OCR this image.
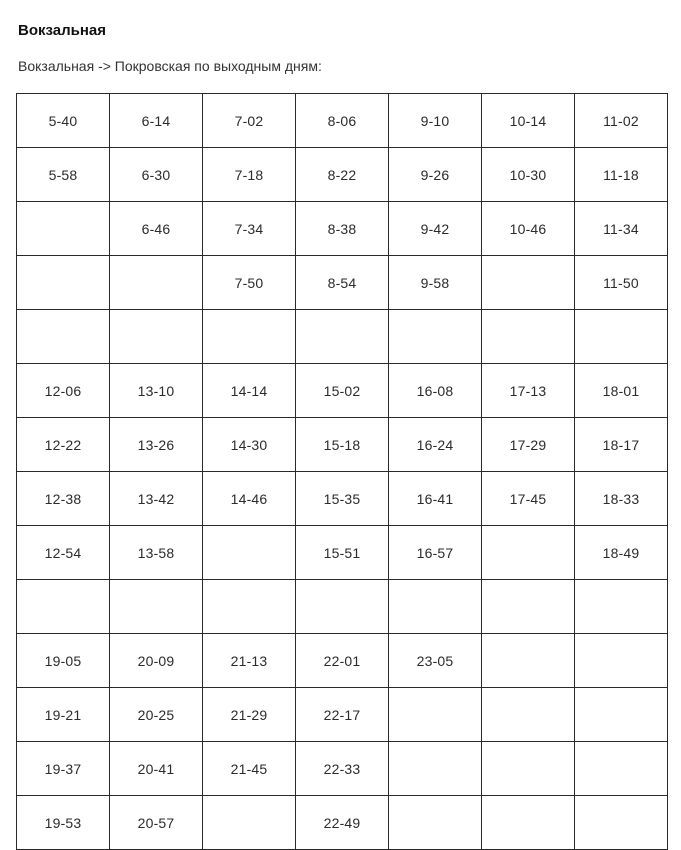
Вокзальная
Вокзальная -> Покровская по выходным дням:
5-40	6-14	7-02	8-06	9-10	10-14	11-02
5-58	6-30	7-18	8-22	9-26	10-30	11-18
	6-46	7-34	8-38	9-42	10-46	11-34
		7-50	8-54	9-58		11-50

12-06	13-10	14-14	15-02	16-08	17-13	18-01
12-22	13-26	14-30	15-18	16-24	17-29	18-17
12-38	13-42	14-46	15-35	16-41	17-45	18-33
12-54	13-58		15-51	16-57		18-49

19-05	20-09	21-13	22-01	23-05		
19-21	20-25	21-29	22-17			
19-37	20-41	21-45	22-33			
19-53	20-57		22-49			
